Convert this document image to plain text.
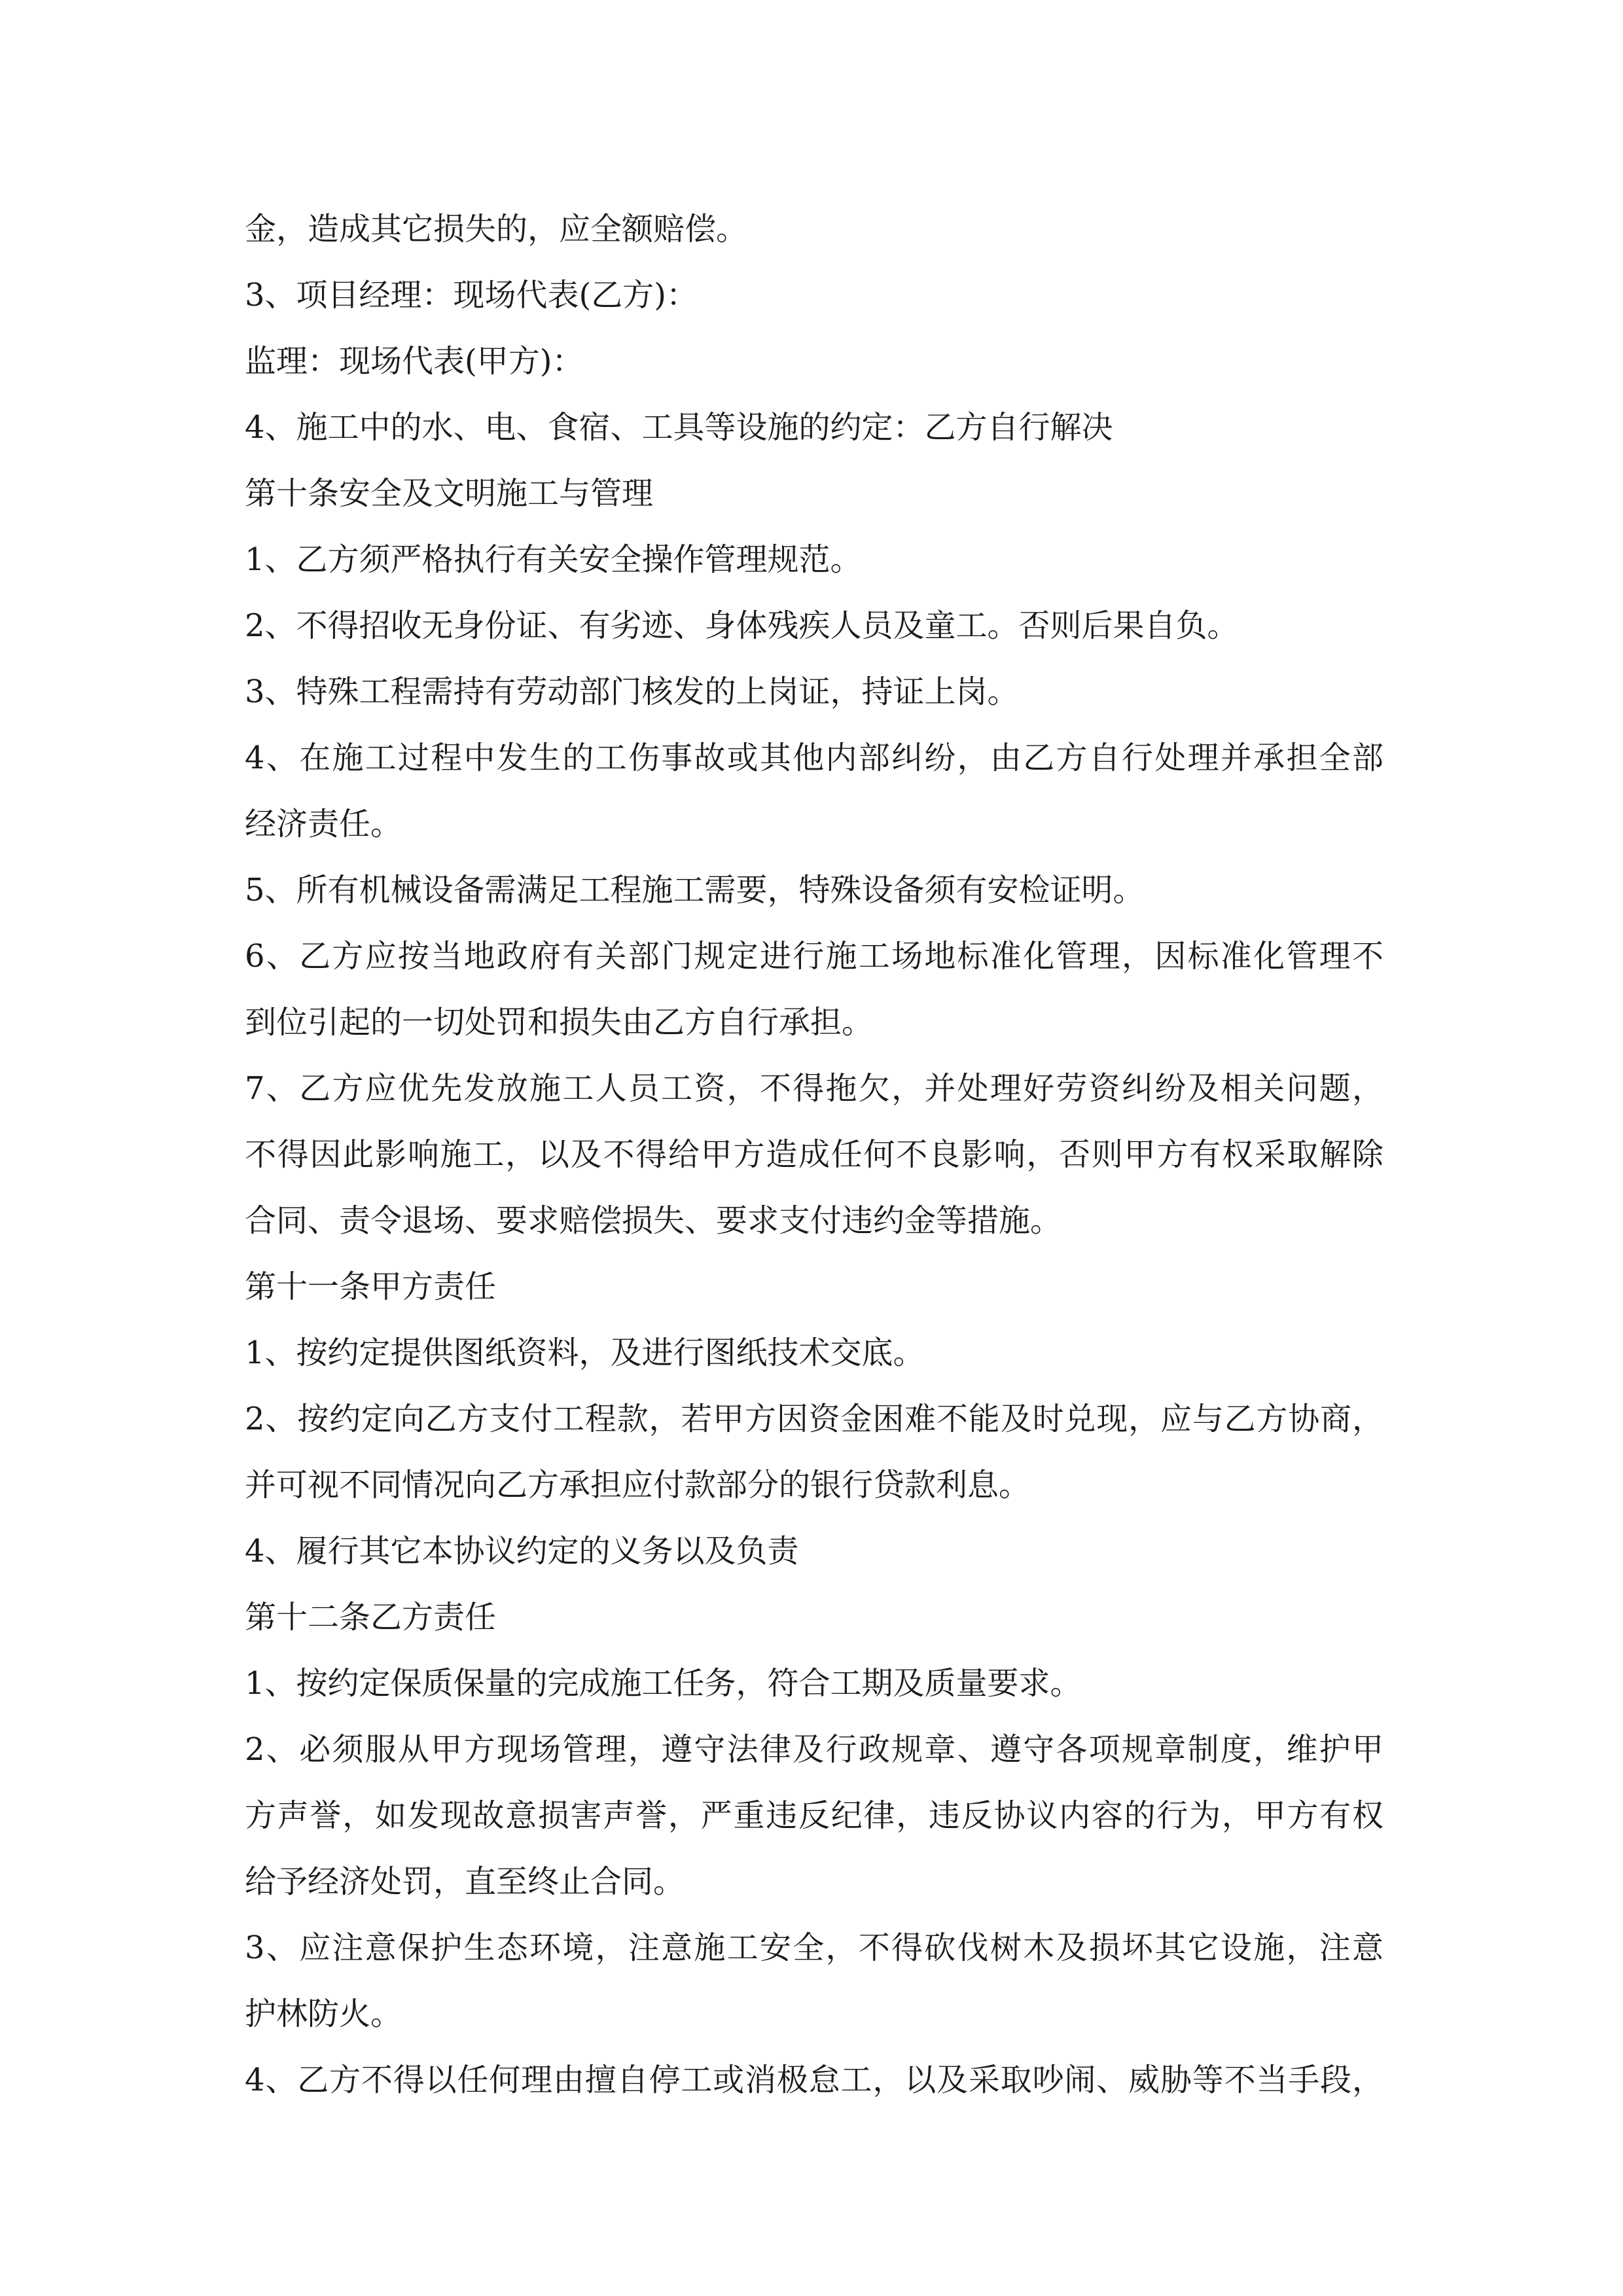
金，造成其它损失的，应全额赔偿。
3、项目经理：现场代表(乙方)：
监理：现场代表(甲方)：
4、施工中的水、电、食宿、工具等设施的约定：乙方自行解决
第十条安全及文明施工与管理
1、乙方须严格执行有关安全操作管理规范。
2、不得招收无身份证、有劣迹、身体残疾人员及童工。否则后果自负。
3、特殊工程需持有劳动部门核发的上岗证，持证上岗。
4、在施工过程中发生的工伤事故或其他内部纠纷，由乙方自行处理并承担全部
经济责任。
5、所有机械设备需满足工程施工需要，特殊设备须有安检证明。
6、乙方应按当地政府有关部门规定进行施工场地标准化管理，因标准化管理不
到位引起的一切处罚和损失由乙方自行承担。
7、乙方应优先发放施工人员工资，不得拖欠，并处理好劳资纠纷及相关问题，
不得因此影响施工，以及不得给甲方造成任何不良影响，否则甲方有权采取解除
合同、责令退场、要求赔偿损失、要求支付违约金等措施。
第十一条甲方责任
1、按约定提供图纸资料，及进行图纸技术交底。
2、按约定向乙方支付工程款，若甲方因资金困难不能及时兑现，应与乙方协商，
并可视不同情况向乙方承担应付款部分的银行贷款利息。
4、履行其它本协议约定的义务以及负责
第十二条乙方责任
1、按约定保质保量的完成施工任务，符合工期及质量要求。
2、必须服从甲方现场管理，遵守法律及行政规章、遵守各项规章制度，维护甲
方声誉，如发现故意损害声誉，严重违反纪律，违反协议内容的行为，甲方有权
给予经济处罚，直至终止合同。
3、应注意保护生态环境，注意施工安全，不得砍伐树木及损坏其它设施，注意
护林防火。
4、乙方不得以任何理由擅自停工或消极怠工，以及采取吵闹、威胁等不当手段，
